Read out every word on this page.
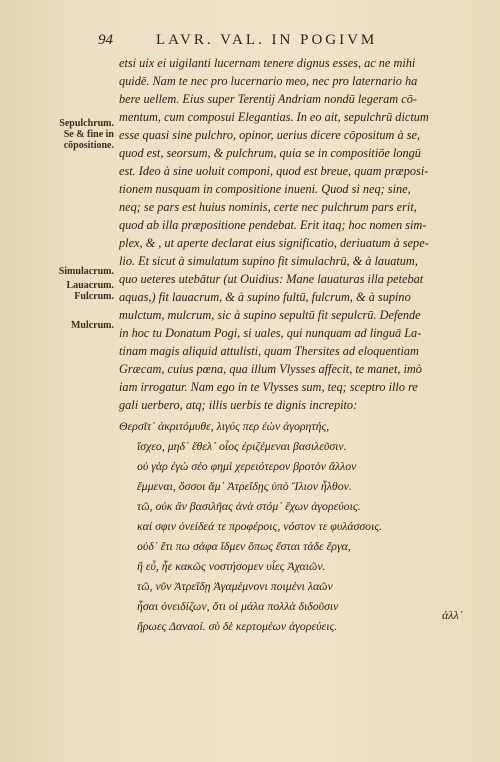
94	LAVR. VAL. IN POGIVM
Sepulchrum.
Se & fine in
cōpositione.
Simulacrum.
Lauacrum.
Fulcrum.
Mulcrum.
etsi uix ei uigilanti lucernam tenere dignus esses, ac ne mihi
quidē. Nam te nec pro lucernario meo, nec pro laternario ha
bere uellem. Eius super Terentij Andriam nondū legeram cō-
mentum, cum composui Elegantias. In eo ait, sepulchrū dictum
esse quasi sine pulchro, opinor, uerius dicere cōpositum à se,
quod est, seorsum, & pulchrum, quia se in compositiōe longū
est. Ideo à sine uoluit componi, quod est breue, quam præposi-
tionem nusquam in compositione inueni. Quod si neq; sine,
neq; se pars est huius nominis, certe nec pulchrum pars erit,
quod ab illa præpositione pendebat. Erit itaq; hoc nomen sim-
plex, & , ut aperte declarat eius significatio, deriuatum à sepe-
lio. Et sicut à simulatum supino fit simulachrū, & à lauatum,
quo ueteres utebātur (ut Ouidius: Mane lauaturas illa petebat
aquas,) fit lauacrum, & à supino fultū, fulcrum, & à supino
mulctum, mulcrum, sic à supino sepultū fit sepulcrū. Defende
in hoc tu Donatum Pogi, si uales, qui nunquam ad linguā La-
tinam magis aliquid attulisti, quam Thersites ad eloquentiam
Græcam, cuius pœna, qua illum Vlysses affecit, te manet, imò
iam irrogatur. Nam ego in te Vlysses sum, teq; sceptro illo re
gali uerbero, atq; illis uerbis te dignis increpito:
Θερσῖτ᾽ ἀκριτόμυθε, λιγύς περ ἐὼν ἀγορητής,
ἴσχεο, μηδ᾽ ἔθελ᾽ οἶος ἐριζέμεναι βασιλεῦσιν.
οὐ γὰρ ἐγὼ σέο φημὶ χερειότερον βροτὸν ἄλλον
ἔμμεναι, ὅσσοι ἅμ᾽ Ἀτρεΐδῃς ὑπὸ Ἴλιον ἦλθον.
τῶ, οὐκ ἂν βασιλῆας ἀνὰ στόμ᾽ ἔχων ἀγορεύοις.
καί σφιν ὀνείδεά τε προφέροις, νόστον τε φυλάσσοις.
οὐδ᾽ ἔτι πω σάφα ἴδμεν ὅπως ἔσται τάδε ἔργα,
ἢ εὖ, ἦε κακῶς νοστήσομεν υἷες Ἀχαιῶν.
τῶ, νῦν Ἀτρεΐδῃ Ἀγαμέμνονι ποιμένι λαῶν
ἧσαι ὀνειδίζων, ὅτι οἱ μάλα πολλὰ διδοῦσιν
ἥρωες Δαναοί. σὺ δὲ κερτομέων ἀγορεύεις.
ἀλλ᾽
